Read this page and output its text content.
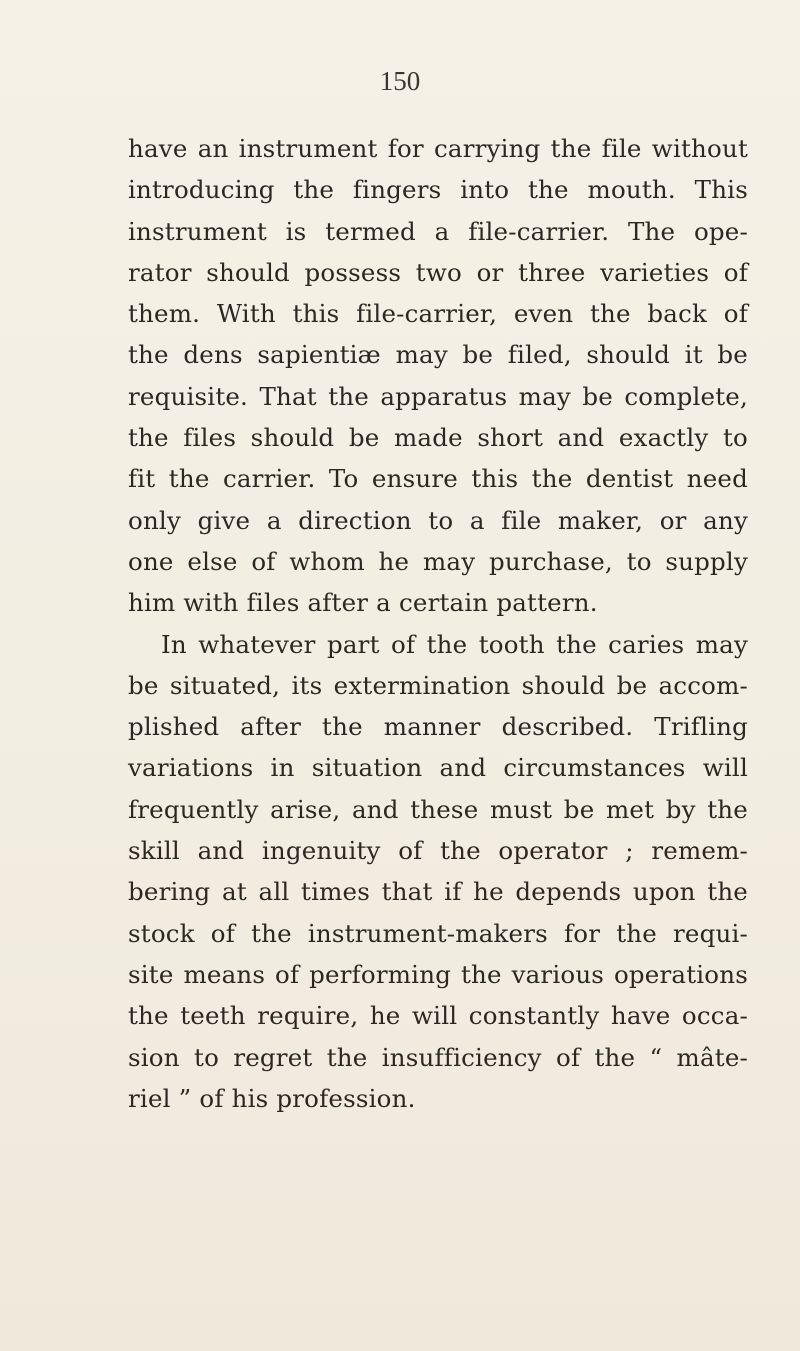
150
have an instrument for carrying the file without
introducing the fingers into the mouth. This
instrument is termed a file-carrier. The ope-
rator should possess two or three varieties of
them. With this file-carrier, even the back of
the dens sapientiæ may be filed, should it be
requisite. That the apparatus may be complete,
the files should be made short and exactly to
fit the carrier. To ensure this the dentist need
only give a direction to a file maker, or any
one else of whom he may purchase, to supply
him with files after a certain pattern.
In whatever part of the tooth the caries may
be situated, its extermination should be accom-
plished after the manner described. Trifling
variations in situation and circumstances will
frequently arise, and these must be met by the
skill and ingenuity of the operator ; remem-
bering at all times that if he depends upon the
stock of the instrument-makers for the requi-
site means of performing the various operations
the teeth require, he will constantly have occa-
sion to regret the insufficiency of the “ mâte-
riel ” of his profession.
